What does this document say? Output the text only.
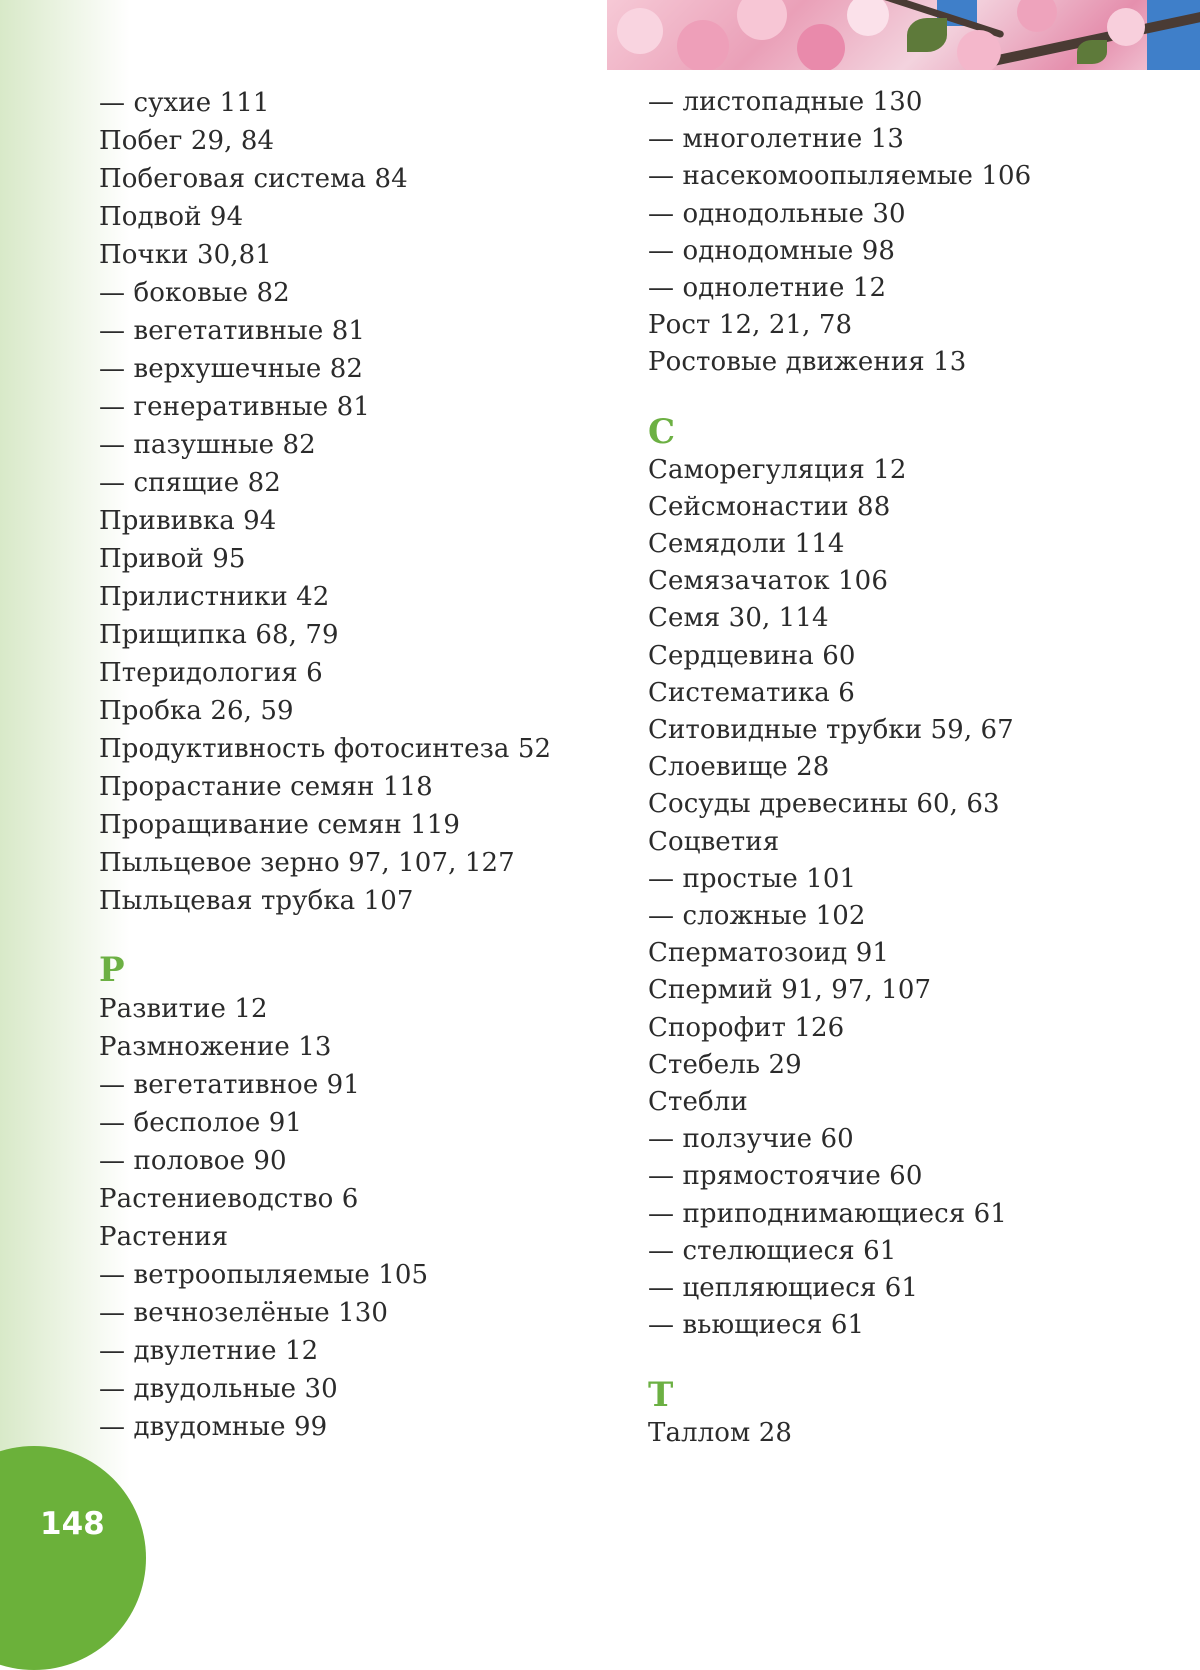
— сухие 111
Побег 29, 84
Побеговая система 84
Подвой 94
Почки 30,81
— боковые 82
— вегетативные 81
— верхушечные 82
— генеративные 81
— пазушные 82
— спящие 82
Прививка 94
Привой 95
Прилистники 42
Прищипка 68, 79
Птеридология 6
Пробка 26, 59
Продуктивность фотосинтеза 52
Прорастание семян 118
Проращивание семян 119
Пыльцевое зерно 97, 107, 127
Пыльцевая трубка 107
Р
Развитие 12
Размножение 13
— вегетативное 91
— бесполое 91
— половое 90
Растениеводство 6
Растения
— ветроопыляемые 105
— вечнозелёные 130
— двулетние 12
— двудольные 30
— двудомные 99
— листопадные 130
— многолетние 13
— насекомоопыляемые 106
— однодольные 30
— однодомные 98
— однолетние 12
Рост 12, 21, 78
Ростовые движения 13
С
Саморегуляция 12
Сейсмонастии 88
Семядоли 114
Семязачаток 106
Семя 30, 114
Сердцевина 60
Систематика 6
Ситовидные трубки 59, 67
Слоевище 28
Сосуды древесины 60, 63
Соцветия
— простые 101
— сложные 102
Сперматозоид 91
Спермий 91, 97, 107
Спорофит 126
Стебель 29
Стебли
— ползучие 60
— прямостоячие 60
— приподнимающиеся 61
— стелющиеся 61
— цепляющиеся 61
— вьющиеся 61
Т
Таллом 28
148
